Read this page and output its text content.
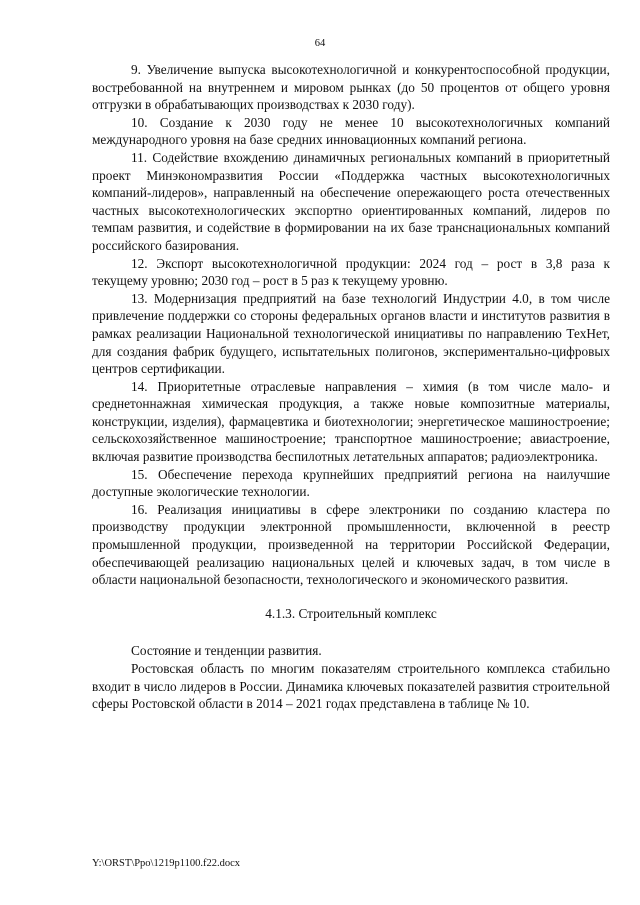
64

9. Увеличение выпуска высокотехнологичной и конкурентоспособной продукции, востребованной на внутреннем и мировом рынках (до 50 процентов от общего уровня отгрузки в обрабатывающих производствах к 2030 году).

10. Создание к 2030 году не менее 10 высокотехнологичных компаний международного уровня на базе средних инновационных компаний региона.

11. Содействие вхождению динамичных региональных компаний в приоритетный проект Минэкономразвития России «Поддержка частных высокотехнологичных компаний-лидеров», направленный на обеспечение опережающего роста отечественных частных высокотехнологических экспортно ориентированных компаний, лидеров по темпам развития, и содействие в формировании на их базе транснациональных компаний российского базирования.

12. Экспорт высокотехнологичной продукции: 2024 год – рост в 3,8 раза к текущему уровню; 2030 год – рост в 5 раз к текущему уровню.

13. Модернизация предприятий на базе технологий Индустрии 4.0, в том числе привлечение поддержки со стороны федеральных органов власти и институтов развития в рамках реализации Национальной технологической инициативы по направлению ТехНет, для создания фабрик будущего, испытательных полигонов, экспериментально-цифровых центров сертификации.

14. Приоритетные отраслевые направления – химия (в том числе мало- и среднетоннажная химическая продукция, а также новые композитные материалы, конструкции, изделия), фармацевтика и биотехнологии; энергетическое машиностроение; сельскохозяйственное машиностроение; транспортное машиностроение; авиастроение, включая развитие производства беспилотных летательных аппаратов; радиоэлектроника.

15. Обеспечение перехода крупнейших предприятий региона на наилучшие доступные экологические технологии.

16. Реализация инициативы в сфере электроники по созданию кластера по производству продукции электронной промышленности, включенной в реестр промышленной продукции, произведенной на территории Российской Федерации, обеспечивающей реализацию национальных целей и ключевых задач, в том числе в области национальной безопасности, технологического и экономического развития.

4.1.3. Строительный комплекс

Состояние и тенденции развития.

Ростовская область по многим показателям строительного комплекса стабильно входит в число лидеров в России. Динамика ключевых показателей развития строительной сферы Ростовской области в 2014 – 2021 годах представлена в таблице № 10.

Y:\ORST\Ppo\1219p1100.f22.docx
